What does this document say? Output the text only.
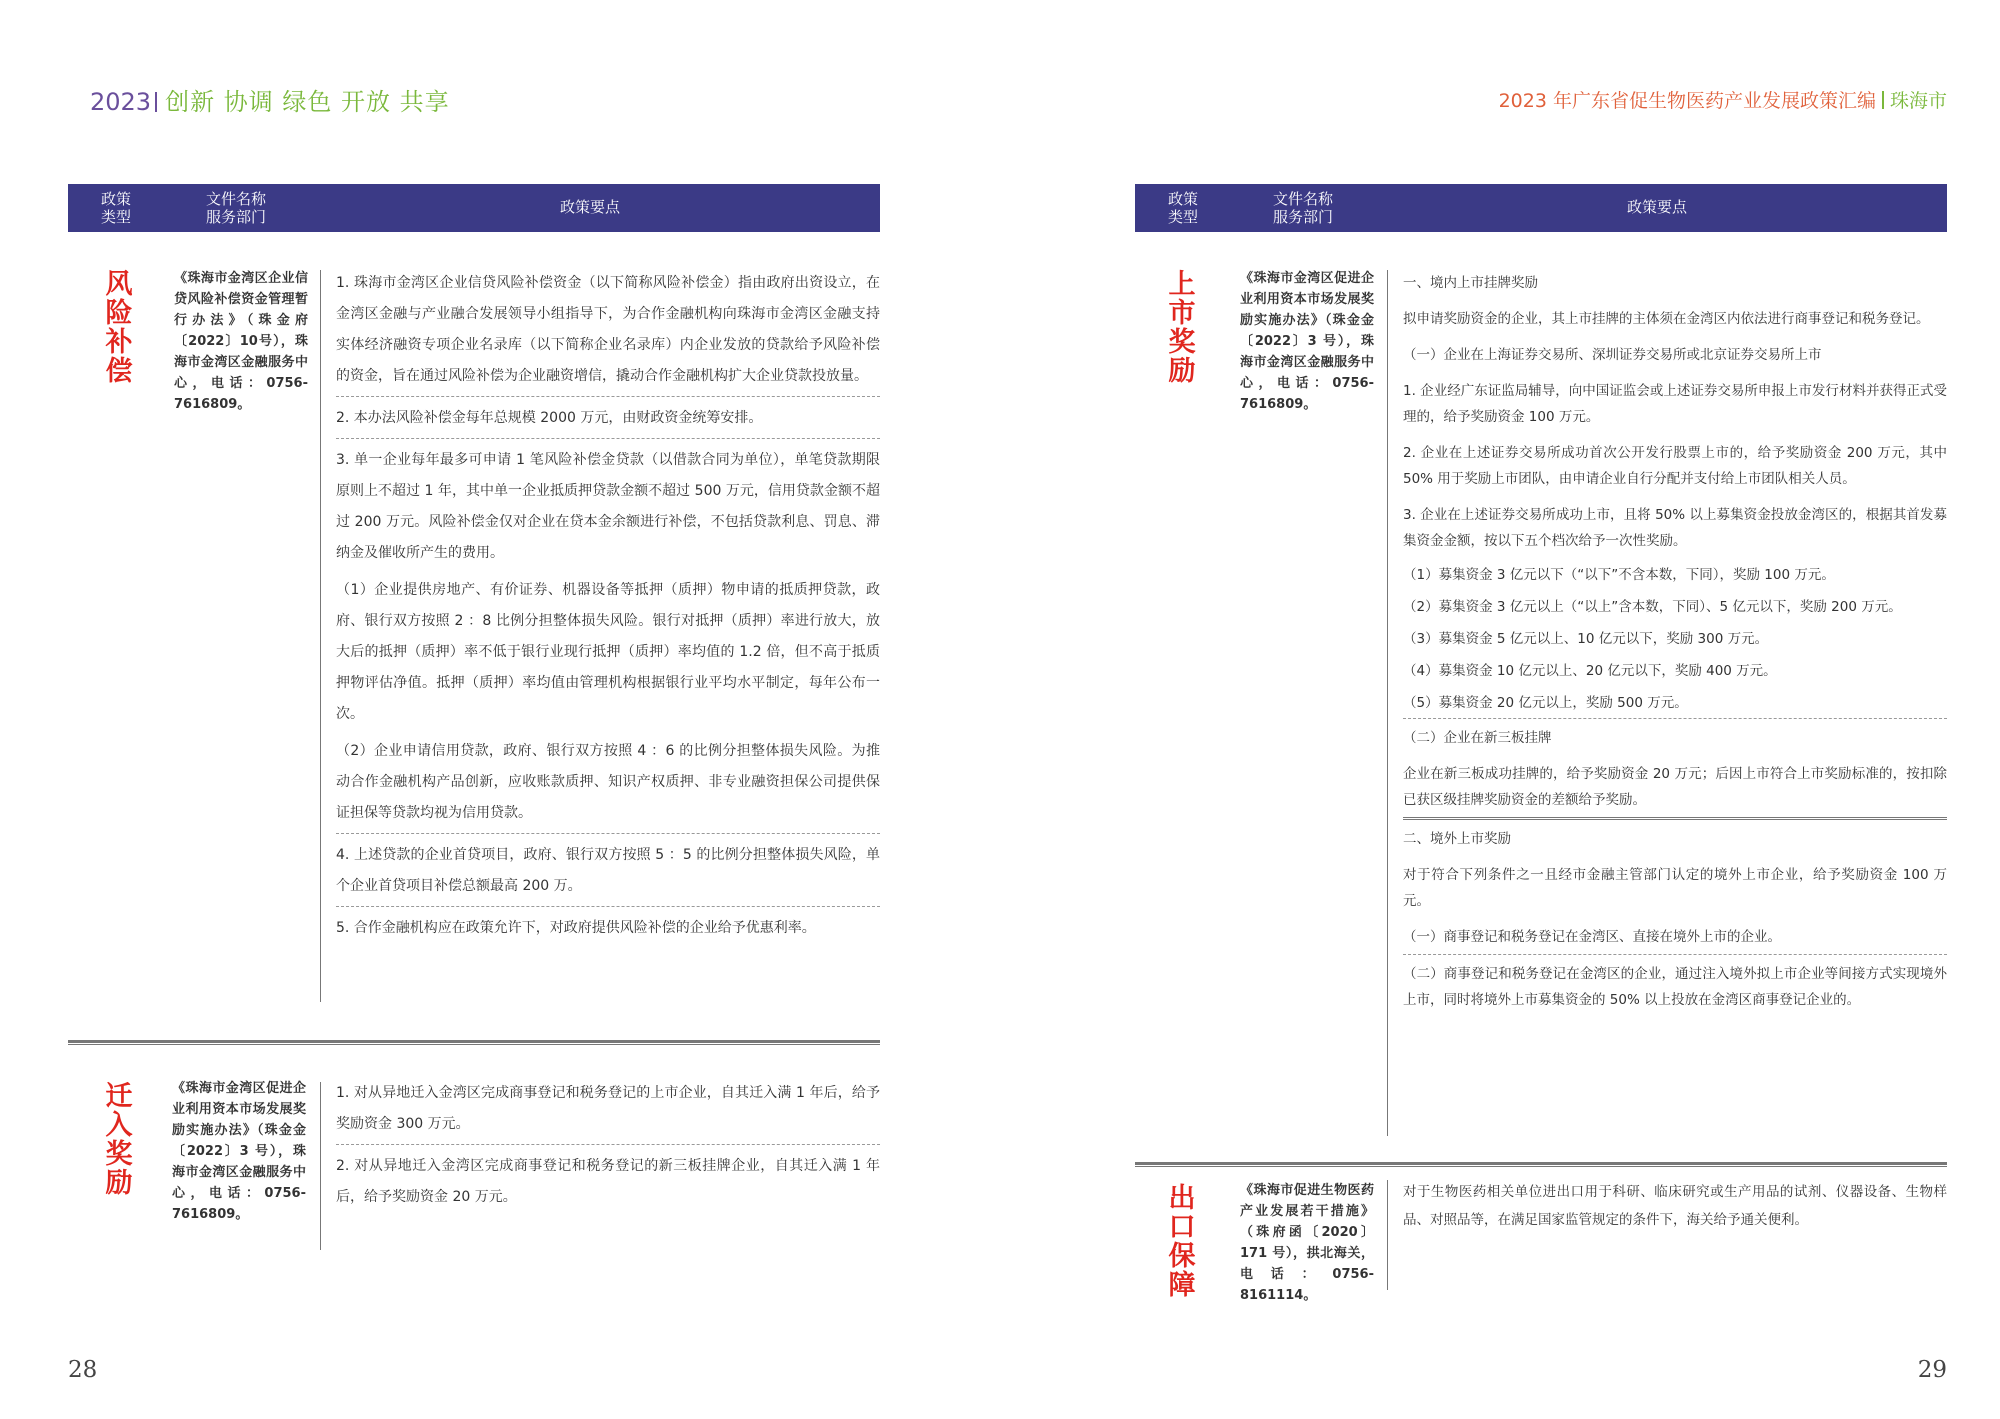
2023 创新 协调 绿色 开放 共享
政策
类型
文件名称
服务部门
政策要点
风险补偿
《珠海市金湾区企业信贷风险补偿资金管理暂行办法》（珠金府〔2022〕10号），珠海市金湾区金融服务中心，电话：0756-7616809。
1. 珠海市金湾区企业信贷风险补偿资金（以下简称风险补偿金）指由政府出资设立，在金湾区金融与产业融合发展领导小组指导下，为合作金融机构向珠海市金湾区金融支持实体经济融资专项企业名录库（以下简称企业名录库）内企业发放的贷款给予风险补偿的资金，旨在通过风险补偿为企业融资增信，撬动合作金融机构扩大企业贷款投放量。
2. 本办法风险补偿金每年总规模 2000 万元，由财政资金统筹安排。
3. 单一企业每年最多可申请 1 笔风险补偿金贷款（以借款合同为单位），单笔贷款期限原则上不超过 1 年，其中单一企业抵质押贷款金额不超过 500 万元，信用贷款金额不超过 200 万元。风险补偿金仅对企业在贷本金余额进行补偿，不包括贷款利息、罚息、滞纳金及催收所产生的费用。
（1）企业提供房地产、有价证券、机器设备等抵押（质押）物申请的抵质押贷款，政府、银行双方按照 2 ：8 比例分担整体损失风险。银行对抵押（质押）率进行放大，放大后的抵押（质押）率不低于银行业现行抵押（质押）率均值的 1.2 倍，但不高于抵质押物评估净值。抵押（质押）率均值由管理机构根据银行业平均水平制定，每年公布一次。
（2）企业申请信用贷款，政府、银行双方按照 4 ：6 的比例分担整体损失风险。为推动合作金融机构产品创新，应收账款质押、知识产权质押、非专业融资担保公司提供保证担保等贷款均视为信用贷款。
4. 上述贷款的企业首贷项目，政府、银行双方按照 5 ：5 的比例分担整体损失风险，单个企业首贷项目补偿总额最高 200 万。
5. 合作金融机构应在政策允许下，对政府提供风险补偿的企业给予优惠利率。
迁入奖励
《珠海市金湾区促进企业利用资本市场发展奖励实施办法》（珠金金〔2022〕3 号），珠海市金湾区金融服务中心，电话：0756-7616809。
1. 对从异地迁入金湾区完成商事登记和税务登记的上市企业，自其迁入满 1 年后，给予奖励资金 300 万元。
2. 对从异地迁入金湾区完成商事登记和税务登记的新三板挂牌企业，自其迁入满 1 年后，给予奖励资金 20 万元。
28
2023 年广东省促生物医药产业发展政策汇编 珠海市
政策
类型
文件名称
服务部门
政策要点
上市奖励
《珠海市金湾区促进企业利用资本市场发展奖励实施办法》（珠金金〔2022〕3 号），珠海市金湾区金融服务中心，电话：0756-7616809。
一、境内上市挂牌奖励
拟申请奖励资金的企业，其上市挂牌的主体须在金湾区内依法进行商事登记和税务登记。
（一）企业在上海证券交易所、深圳证券交易所或北京证券交易所上市
1. 企业经广东证监局辅导，向中国证监会或上述证券交易所申报上市发行材料并获得正式受理的，给予奖励资金 100 万元。
2. 企业在上述证券交易所成功首次公开发行股票上市的，给予奖励资金 200 万元，其中 50% 用于奖励上市团队，由申请企业自行分配并支付给上市团队相关人员。
3. 企业在上述证券交易所成功上市，且将 50% 以上募集资金投放金湾区的，根据其首发募集资金金额，按以下五个档次给予一次性奖励。
（1）募集资金 3 亿元以下（“以下”不含本数，下同），奖励 100 万元。
（2）募集资金 3 亿元以上（“以上”含本数，下同）、5 亿元以下，奖励 200 万元。
（3）募集资金 5 亿元以上、10 亿元以下，奖励 300 万元。
（4）募集资金 10 亿元以上、20 亿元以下，奖励 400 万元。
（5）募集资金 20 亿元以上，奖励 500 万元。
（二）企业在新三板挂牌
企业在新三板成功挂牌的，给予奖励资金 20 万元；后因上市符合上市奖励标准的，按扣除已获区级挂牌奖励资金的差额给予奖励。
二、境外上市奖励
对于符合下列条件之一且经市金融主管部门认定的境外上市企业，给予奖励资金 100 万元。
（一）商事登记和税务登记在金湾区、直接在境外上市的企业。
（二）商事登记和税务登记在金湾区的企业，通过注入境外拟上市企业等间接方式实现境外上市，同时将境外上市募集资金的 50% 以上投放在金湾区商事登记企业的。
出口保障
《珠海市促进生物医药产业发展若干措施》（珠府函〔2020〕171 号），拱北海关，电话：0756-8161114。
对于生物医药相关单位进出口用于科研、临床研究或生产用品的试剂、仪器设备、生物样品、对照品等，在满足国家监管规定的条件下，海关给予通关便利。
29
